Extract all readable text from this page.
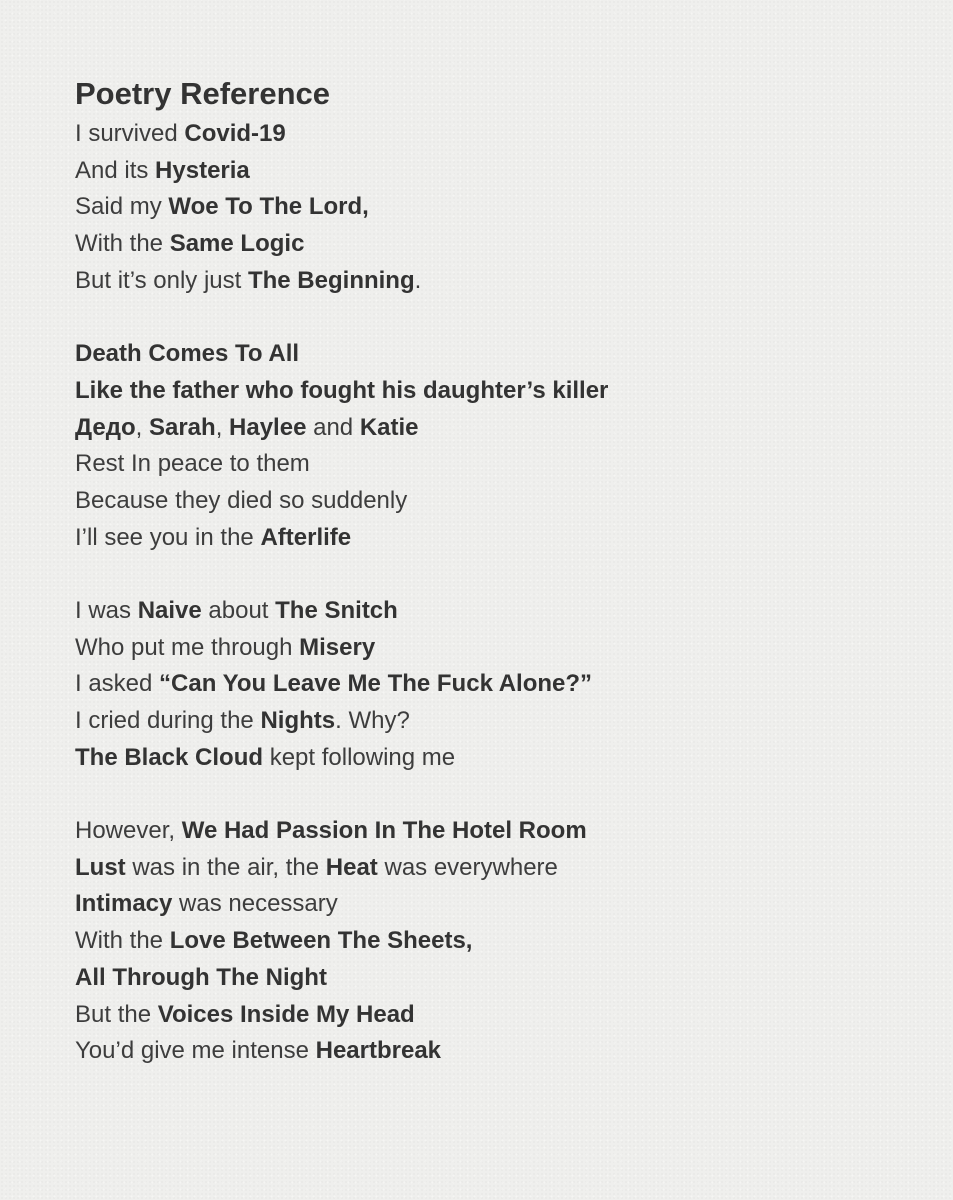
Poetry Reference
I survived Covid-19
And its Hysteria
Said my Woe To The Lord,
With the Same Logic
But it’s only just The Beginning.
Death Comes To All
Like the father who fought his daughter’s killer
Дедо, Sarah, Haylee and Katie
Rest In peace to them
Because they died so suddenly
I’ll see you in the Afterlife
I was Naive about The Snitch
Who put me through Misery
I asked “Can You Leave Me The Fuck Alone?”
I cried during the Nights. Why?
The Black Cloud kept following me
However, We Had Passion In The Hotel Room
Lust was in the air, the Heat was everywhere
Intimacy was necessary
With the Love Between The Sheets,
All Through The Night
But the Voices Inside My Head
You’d give me intense Heartbreak
